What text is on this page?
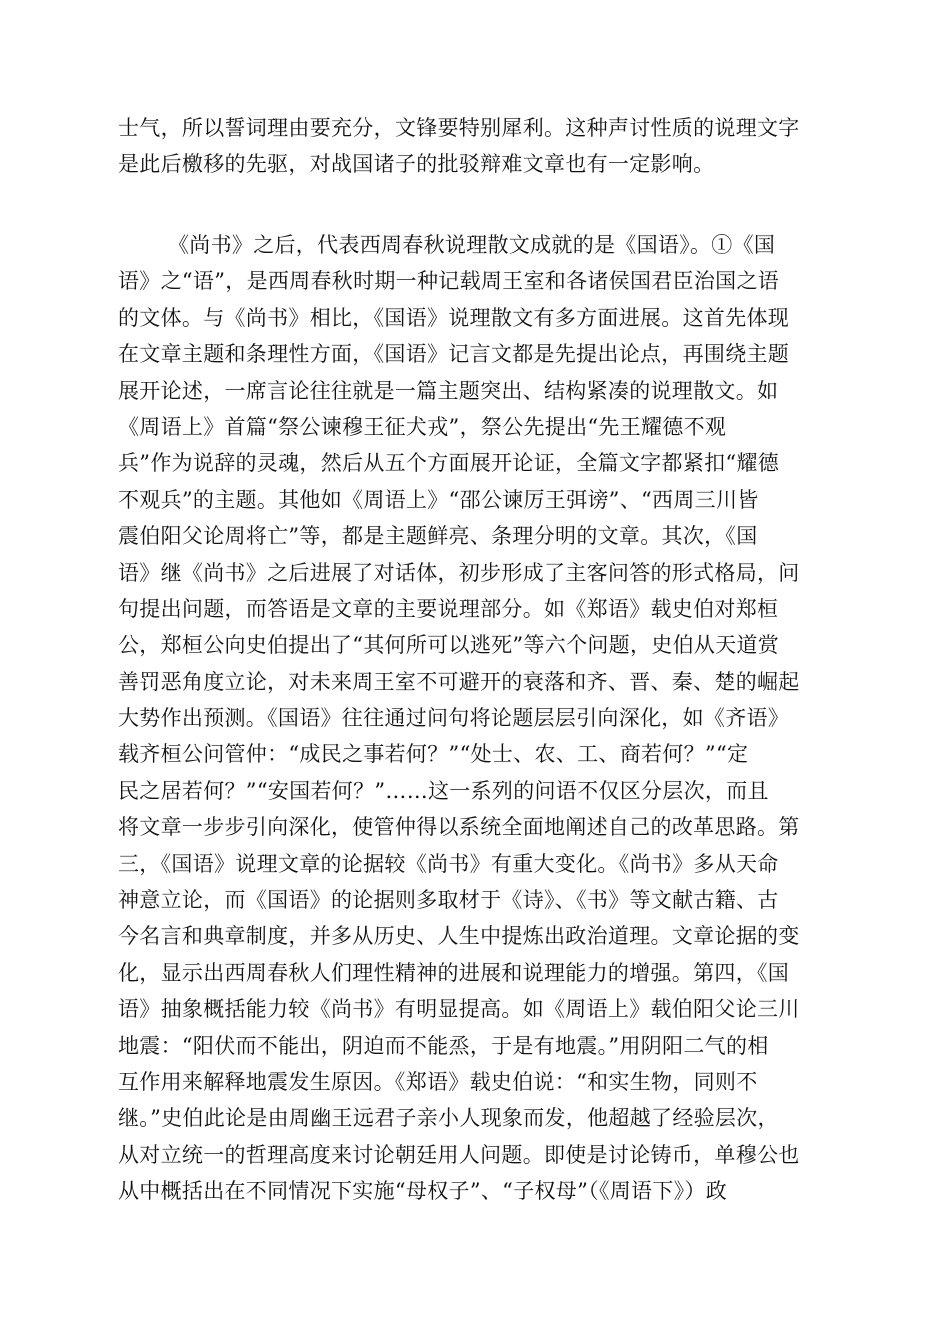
士气，所以誓词理由要充分，文锋要特别犀利。这种声讨性质的说理文字
是此后檄移的先驱，对战国诸子的批驳辩难文章也有一定影响。
《尚书》之后，代表西周春秋说理散文成就的是《国语》。①《国
语》之“语”，是西周春秋时期一种记载周王室和各诸侯国君臣治国之语
的文体。与《尚书》相比，《国语》说理散文有多方面进展。这首先体现
在文章主题和条理性方面，《国语》记言文都是先提出论点，再围绕主题
展开论述，一席言论往往就是一篇主题突出、结构紧凑的说理散文。如
《周语上》首篇“祭公谏穆王征犬戎”，祭公先提出“先王耀德不观
兵”作为说辞的灵魂，然后从五个方面展开论证，全篇文字都紧扣“耀德
不观兵”的主题。其他如《周语上》“邵公谏厉王弭谤”、“西周三川皆
震伯阳父论周将亡”等，都是主题鲜亮、条理分明的文章。其次，《国
语》继《尚书》之后进展了对话体，初步形成了主客问答的形式格局，问
句提出问题，而答语是文章的主要说理部分。如《郑语》载史伯对郑桓
公，郑桓公向史伯提出了“其何所可以逃死”等六个问题，史伯从天道赏
善罚恶角度立论，对未来周王室不可避开的衰落和齐、晋、秦、楚的崛起
大势作出预测。《国语》往往通过问句将论题层层引向深化，如《齐语》
载齐桓公问管仲：“成民之事若何？”“处士、农、工、商若何？”“定
民之居若何？”“安国若何？”……这一系列的问语不仅区分层次，而且
将文章一步步引向深化，使管仲得以系统全面地阐述自己的改革思路。第
三，《国语》说理文章的论据较《尚书》有重大变化。《尚书》多从天命
神意立论，而《国语》的论据则多取材于《诗》、《书》等文献古籍、古
今名言和典章制度，并多从历史、人生中提炼出政治道理。文章论据的变
化，显示出西周春秋人们理性精神的进展和说理能力的增强。第四，《国
语》抽象概括能力较《尚书》有明显提高。如《周语上》载伯阳父论三川
地震：“阳伏而不能出，阴迫而不能烝，于是有地震。”用阴阳二气的相
互作用来解释地震发生原因。《郑语》载史伯说：“和实生物，同则不
继。”史伯此论是由周幽王远君子亲小人现象而发，他超越了经验层次，
从对立统一的哲理高度来讨论朝廷用人问题。即使是讨论铸币，单穆公也
从中概括出在不同情况下实施“母权子”、“子权母”（《周语下》）政
